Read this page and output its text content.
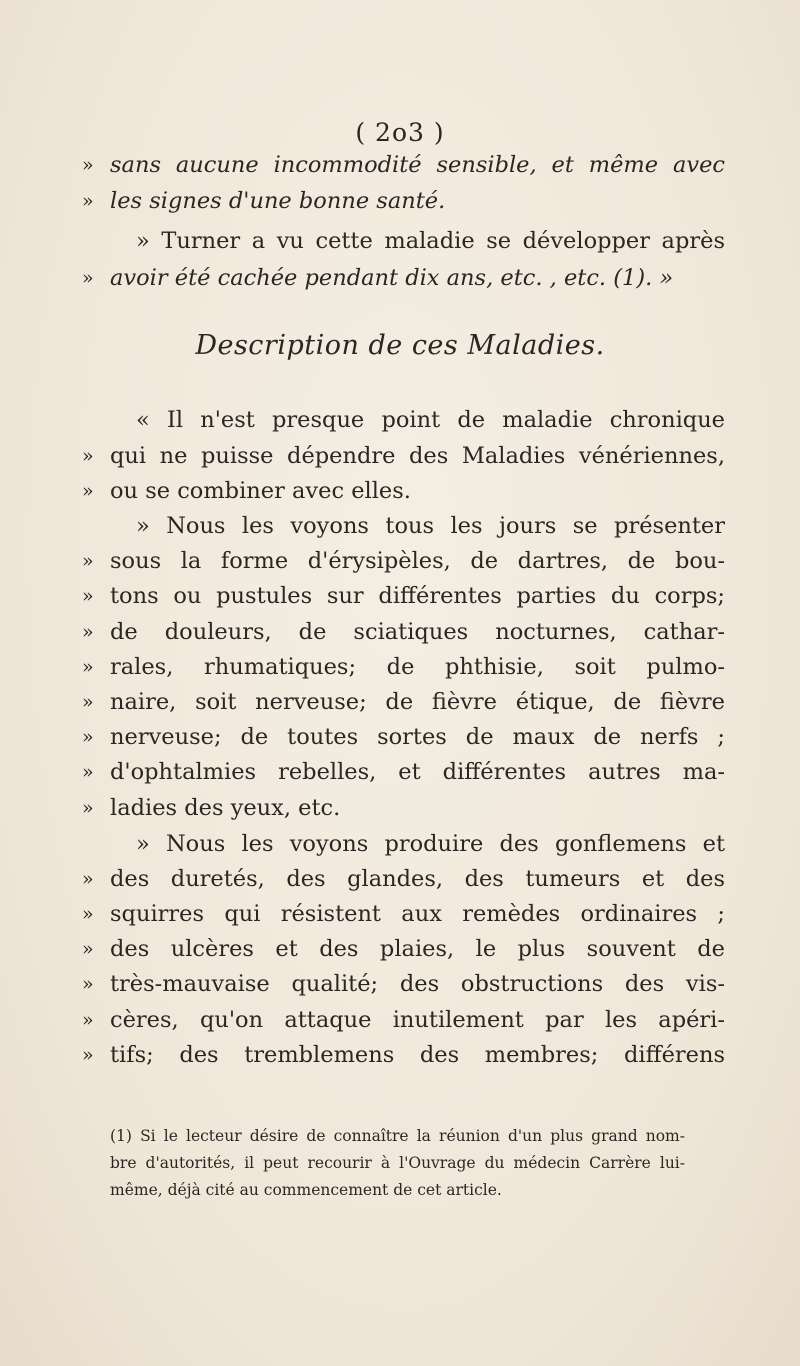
( 2o3 )
» sans aucune incommodité sensible, et même avec
» les signes d'une bonne santé.
» Turner a vu cette maladie se développer après
» avoir été cachée pendant dix ans, etc. , etc. (1). »
Description de ces Maladies.
« Il n'est presque point de maladie chronique
» qui ne puisse dépendre des Maladies vénériennes,
» ou se combiner avec elles.
» Nous les voyons tous les jours se présenter
» sous la forme d'érysipèles, de dartres, de bou-
» tons ou pustules sur différentes parties du corps;
» de douleurs, de sciatiques nocturnes, cathar-
» rales, rhumatiques; de phthisie, soit pulmo-
» naire, soit nerveuse; de fièvre étique, de fièvre
» nerveuse; de toutes sortes de maux de nerfs ;
» d'ophtalmies rebelles, et différentes autres ma-
» ladies des yeux, etc.
» Nous les voyons produire des gonflemens et
» des duretés, des glandes, des tumeurs et des
» squirres qui résistent aux remèdes ordinaires ;
» des ulcères et des plaies, le plus souvent de
» très-mauvaise qualité; des obstructions des vis-
» cères, qu'on attaque inutilement par les apéri-
» tifs; des tremblemens des membres; différens
(1) Si le lecteur désire de connaître la réunion d'un plus grand nom-
bre d'autorités, il peut recourir à l'Ouvrage du médecin Carrère lui-
même, déjà cité au commencement de cet article.
